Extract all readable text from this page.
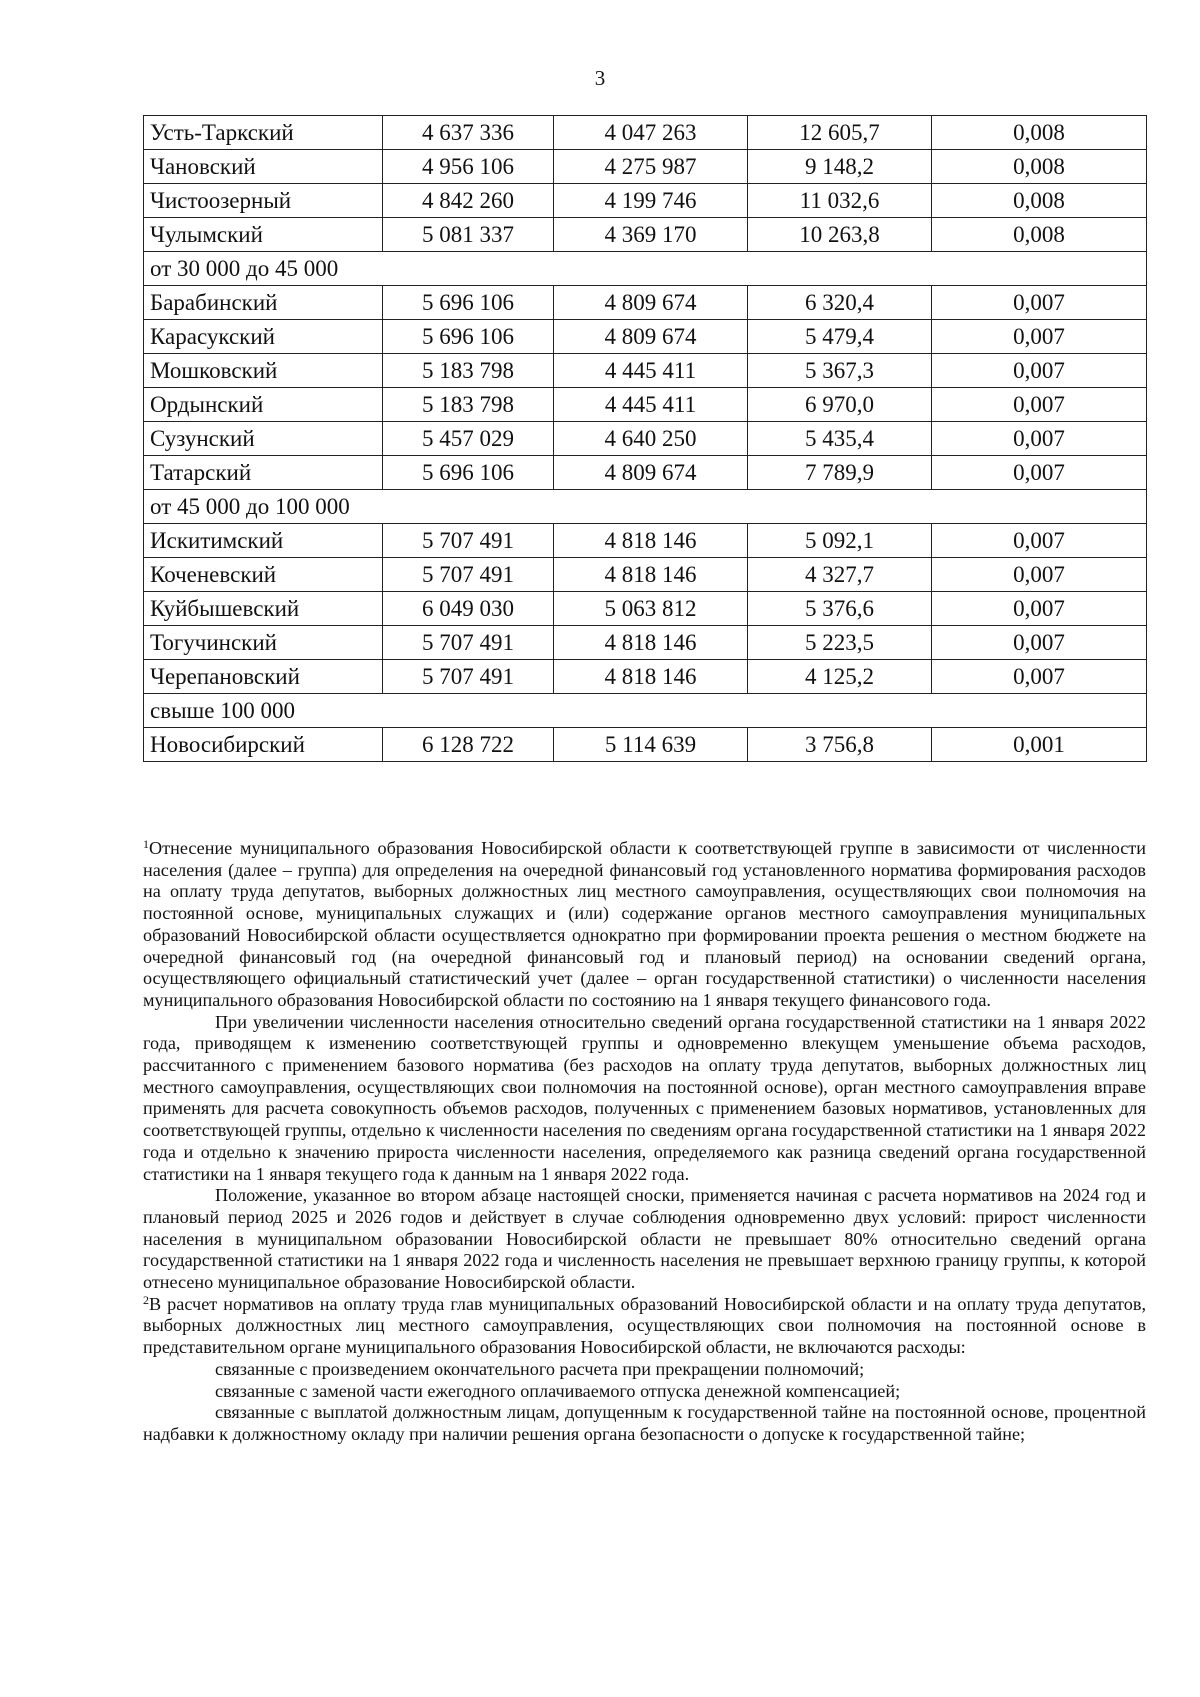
3
Усть-Таркский	4 637 336	4 047 263	12 605,7	0,008
Чановский	4 956 106	4 275 987	9 148,2	0,008
Чистоозерный	4 842 260	4 199 746	11 032,6	0,008
Чулымский	5 081 337	4 369 170	10 263,8	0,008
от 30 000 до 45 000				
Барабинский	5 696 106	4 809 674	6 320,4	0,007
Карасукский	5 696 106	4 809 674	5 479,4	0,007
Мошковский	5 183 798	4 445 411	5 367,3	0,007
Ордынский	5 183 798	4 445 411	6 970,0	0,007
Сузунский	5 457 029	4 640 250	5 435,4	0,007
Татарский	5 696 106	4 809 674	7 789,9	0,007
от 45 000 до 100 000				
Искитимский	5 707 491	4 818 146	5 092,1	0,007
Коченевский	5 707 491	4 818 146	4 327,7	0,007
Куйбышевский	6 049 030	5 063 812	5 376,6	0,007
Тогучинский	5 707 491	4 818 146	5 223,5	0,007
Черепановский	5 707 491	4 818 146	4 125,2	0,007
свыше 100 000				
Новосибирский	6 128 722	5 114 639	3 756,8	0,001

$^1$Отнесение муниципального образования Новосибирской области к соответствующей группе в зависимости от численности населения (далее – группа) для определения на очередной финансовый год установленного норматива формирования расходов на оплату труда депутатов, выборных должностных лиц местного самоуправления, осуществляющих свои полномочия на постоянной основе, муниципальных служащих и (или) содержание органов местного самоуправления муниципальных образований Новосибирской области осуществляется однократно при формировании проекта решения о местном бюджете на очередной финансовый год (на очередной финансовый год и плановый период) на основании сведений органа, осуществляющего официальный статистический учет (далее – орган государственной статистики) о численности населения муниципального образования Новосибирской области по состоянию на 1 января текущего финансового года.

При увеличении численности населения относительно сведений органа государственной статистики на 1 января 2022 года, приводящем к изменению соответствующей группы и одновременно влекущем уменьшение объема расходов, рассчитанного с применением базового норматива (без расходов на оплату труда депутатов, выборных должностных лиц местного самоуправления, осуществляющих свои полномочия на постоянной основе), орган местного самоуправления вправе применять для расчета совокупность объемов расходов, полученных с применением базовых нормативов, установленных для соответствующей группы, отдельно к численности населения по сведениям органа государственной статистики на 1 января 2022 года и отдельно к значению прироста численности населения, определяемого как разница сведений органа государственной статистики на 1 января текущего года к данным на 1 января 2022 года.

Положение, указанное во втором абзаце настоящей сноски, применяется начиная с расчета нормативов на 2024 год и плановый период 2025 и 2026 годов и действует в случае соблюдения одновременно двух условий: прирост численности населения в муниципальном образовании Новосибирской области не превышает 80% относительно сведений органа государственной статистики на 1 января 2022 года и численность населения не превышает верхнюю границу группы, к которой отнесено муниципальное образование Новосибирской области.

$^2$В расчет нормативов на оплату труда глав муниципальных образований Новосибирской области и на оплату труда депутатов, выборных должностных лиц местного самоуправления, осуществляющих свои полномочия на постоянной основе в представительном органе муниципального образования Новосибирской области, не включаются расходы:

связанные с произведением окончательного расчета при прекращении полномочий;

связанные с заменой части ежегодного оплачиваемого отпуска денежной компенсацией;

связанные с выплатой должностным лицам, допущенным к государственной тайне на постоянной основе, процентной надбавки к должностному окладу при наличии решения органа безопасности о допуске к государственной тайне;
